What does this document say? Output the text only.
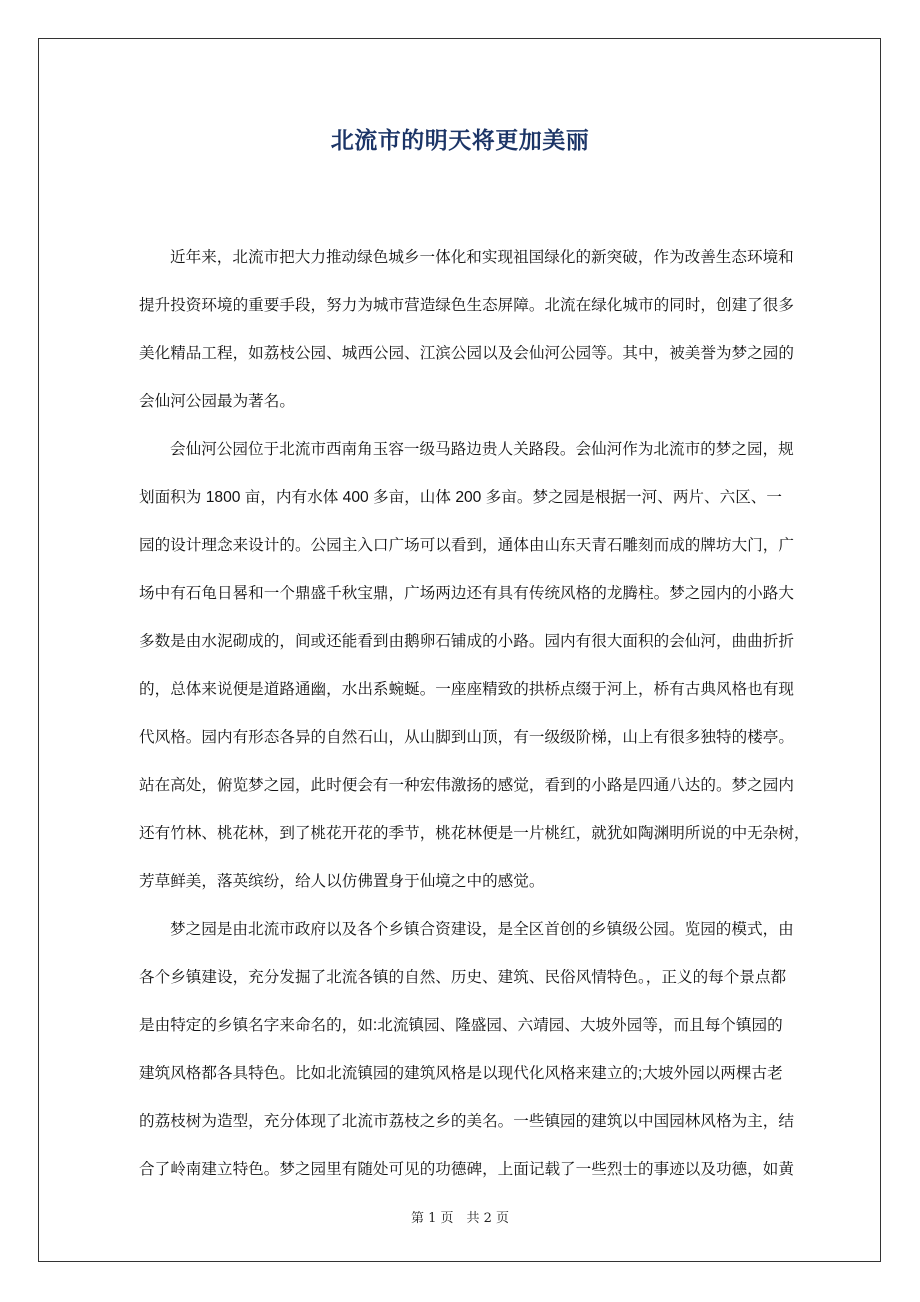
北流市的明天将更加美丽
近年来，北流市把大力推动绿色城乡一体化和实现祖国绿化的新突破，作为改善生态环境和
提升投资环境的重要手段，努力为城市营造绿色生态屏障。北流在绿化城市的同时，创建了很多
美化精品工程，如荔枝公园、城西公园、江滨公园以及会仙河公园等。其中，被美誉为梦之园的
会仙河公园最为著名。
会仙河公园位于北流市西南角玉容一级马路边贵人关路段。会仙河作为北流市的梦之园，规
划面积为 1800 亩，内有水体 400 多亩，山体 200 多亩。梦之园是根据一河、两片、六区、一
园的设计理念来设计的。公园主入口广场可以看到，通体由山东天青石雕刻而成的牌坊大门，广
场中有石龟日晷和一个鼎盛千秋宝鼎，广场两边还有具有传统风格的龙腾柱。梦之园内的小路大
多数是由水泥砌成的，间或还能看到由鹅卵石铺成的小路。园内有很大面积的会仙河，曲曲折折
的，总体来说便是道路通幽，水出系蜿蜒。一座座精致的拱桥点缀于河上，桥有古典风格也有现
代风格。园内有形态各异的自然石山，从山脚到山顶，有一级级阶梯，山上有很多独特的楼亭。
站在高处，俯览梦之园，此时便会有一种宏伟激扬的感觉，看到的小路是四通八达的。梦之园内
还有竹林、桃花林，到了桃花开花的季节，桃花林便是一片桃红，就犹如陶渊明所说的中无杂树，
芳草鲜美，落英缤纷，给人以仿佛置身于仙境之中的感觉。
梦之园是由北流市政府以及各个乡镇合资建设，是全区首创的乡镇级公园。览园的模式，由
各个乡镇建设，充分发掘了北流各镇的自然、历史、建筑、民俗风情特色。，正义的每个景点都
是由特定的乡镇名字来命名的，如:北流镇园、隆盛园、六靖园、大坡外园等，而且每个镇园的
建筑风格都各具特色。比如北流镇园的建筑风格是以现代化风格来建立的;大坡外园以两棵古老
的荔枝树为造型，充分体现了北流市荔枝之乡的美名。一些镇园的建筑以中国园林风格为主，结
合了岭南建立特色。梦之园里有随处可见的功德碑，上面记载了一些烈士的事迹以及功德，如黄
第 1 页　共 2 页
